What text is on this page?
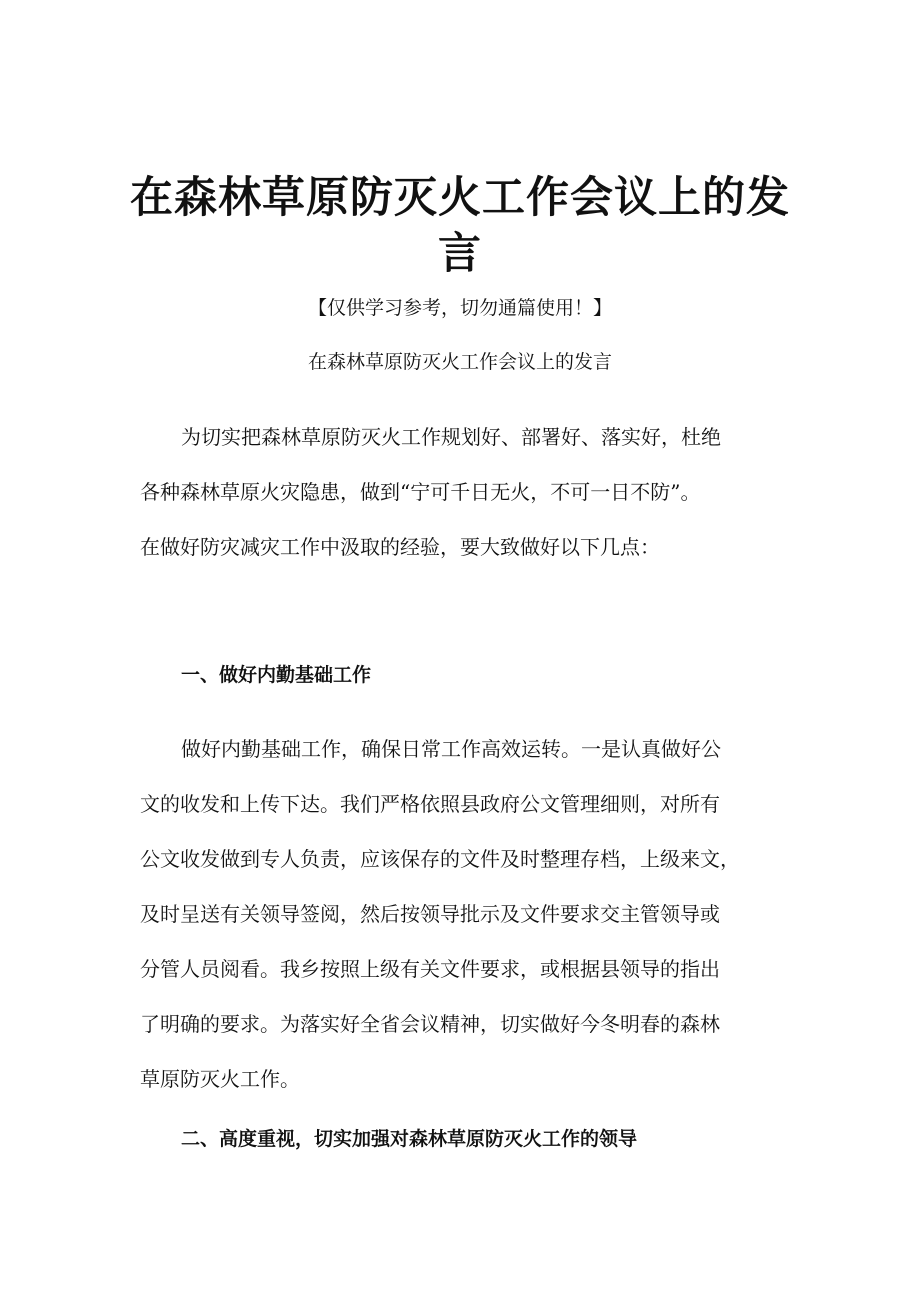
在森林草原防灭火工作会议上的发
言

【仅供学习参考，切勿通篇使用！】

在森林草原防灭火工作会议上的发言

为切实把森林草原防灭火工作规划好、部署好、落实好，杜绝

各种森林草原火灾隐患，做到“宁可千日无火，不可一日不防”。

在做好防灾减灾工作中汲取的经验，要大致做好以下几点：

一、做好内勤基础工作

做好内勤基础工作，确保日常工作高效运转。一是认真做好公

文的收发和上传下达。我们严格依照县政府公文管理细则，对所有

公文收发做到专人负责，应该保存的文件及时整理存档，上级来文，

及时呈送有关领导签阅，然后按领导批示及文件要求交主管领导或

分管人员阅看。我乡按照上级有关文件要求，或根据县领导的指出

了明确的要求。为落实好全省会议精神，切实做好今冬明春的森林

草原防灭火工作。

二、高度重视，切实加强对森林草原防灭火工作的领导
